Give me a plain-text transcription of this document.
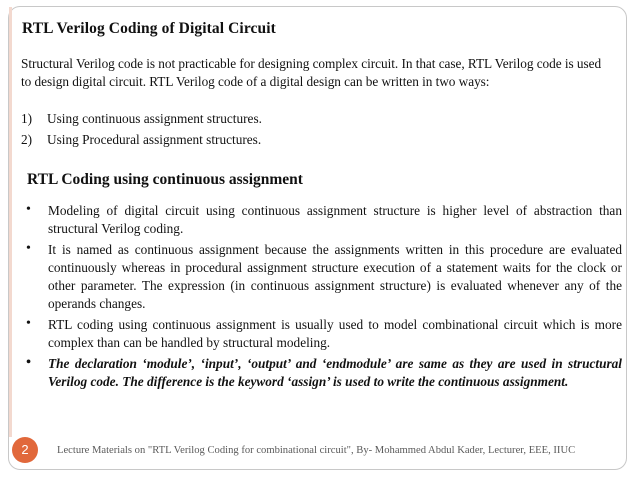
RTL Verilog Coding of Digital Circuit
Structural Verilog code is not practicable for designing complex circuit. In that case, RTL Verilog code is used to design digital circuit. RTL Verilog code of a digital design can be written in two ways:
1) Using continuous assignment structures.
2) Using Procedural assignment structures.
RTL Coding using continuous assignment
• Modeling of digital circuit using continuous assignment structure is higher level of abstraction than structural Verilog coding.
• It is named as continuous assignment because the assignments written in this procedure are evaluated continuously whereas in procedural assignment structure execution of a statement waits for the clock or other parameter. The expression (in continuous assignment structure) is evaluated whenever any of the operands changes.
• RTL coding using continuous assignment is usually used to model combinational circuit which is more complex than can be handled by structural modeling.
• The declaration ‘module’, ‘input’, ‘output’ and ‘endmodule’ are same as they are used in structural Verilog code. The difference is the keyword ‘assign’ is used to write the continuous assignment.
2	Lecture Materials on "RTL Verilog Coding for combinational circuit", By- Mohammed Abdul Kader, Lecturer, EEE, IIUC
